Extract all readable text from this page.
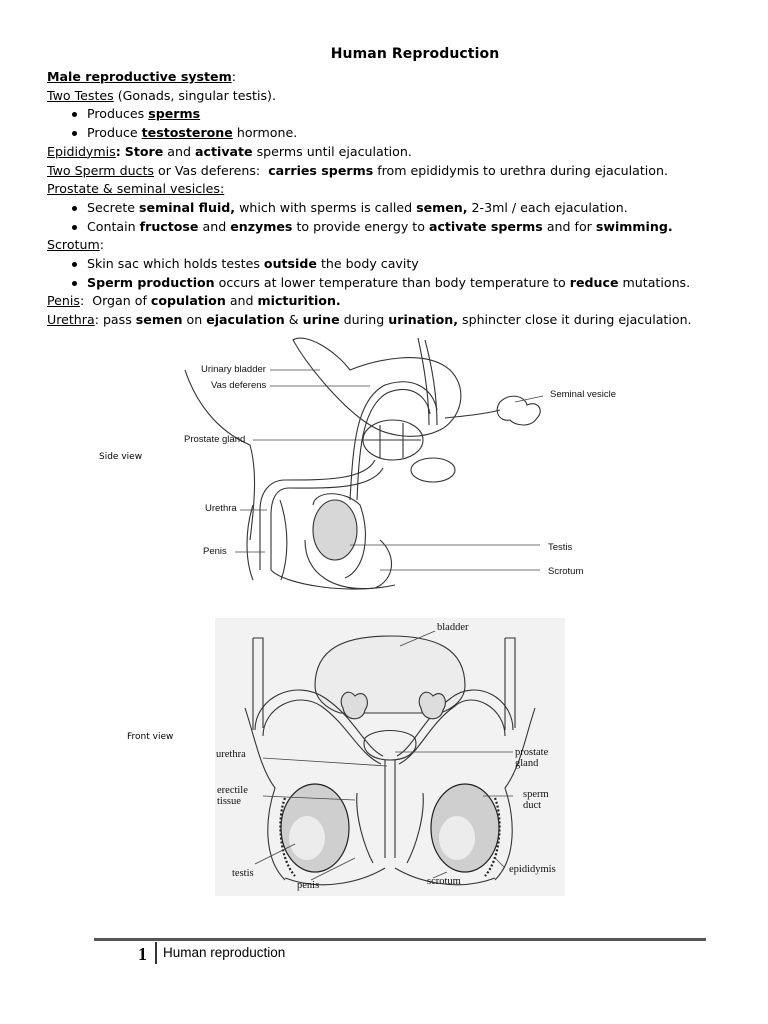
Human Reproduction
Male reproductive system:
Two Testes (Gonads, singular testis).
Produces sperms
Produce testosterone hormone.
Epididymis: Store and activate sperms until ejaculation.
Two Sperm ducts or Vas deferens: carries sperms from epididymis to urethra during ejaculation.
Prostate & seminal vesicles:
Secrete seminal fluid, which with sperms is called semen, 2-3ml / each ejaculation.
Contain fructose and enzymes to provide energy to activate sperms and for swimming.
Scrotum:
Skin sac which holds testes outside the body cavity
Sperm production occurs at lower temperature than body temperature to reduce mutations.
Penis:  Organ of copulation and micturition.
Urethra: pass semen on ejaculation & urine during urination, sphincter close it during ejaculation.
Urinary bladder
Vas deferens
Seminal vesicle
Prostate gland
Urethra
Penis	Testis
Scrotum
Side view
bladder
urethra	prostate gland
erectile tissue
sperm duct
testis
penis	scrotum
epididymis
Front view
1 Human reproduction
